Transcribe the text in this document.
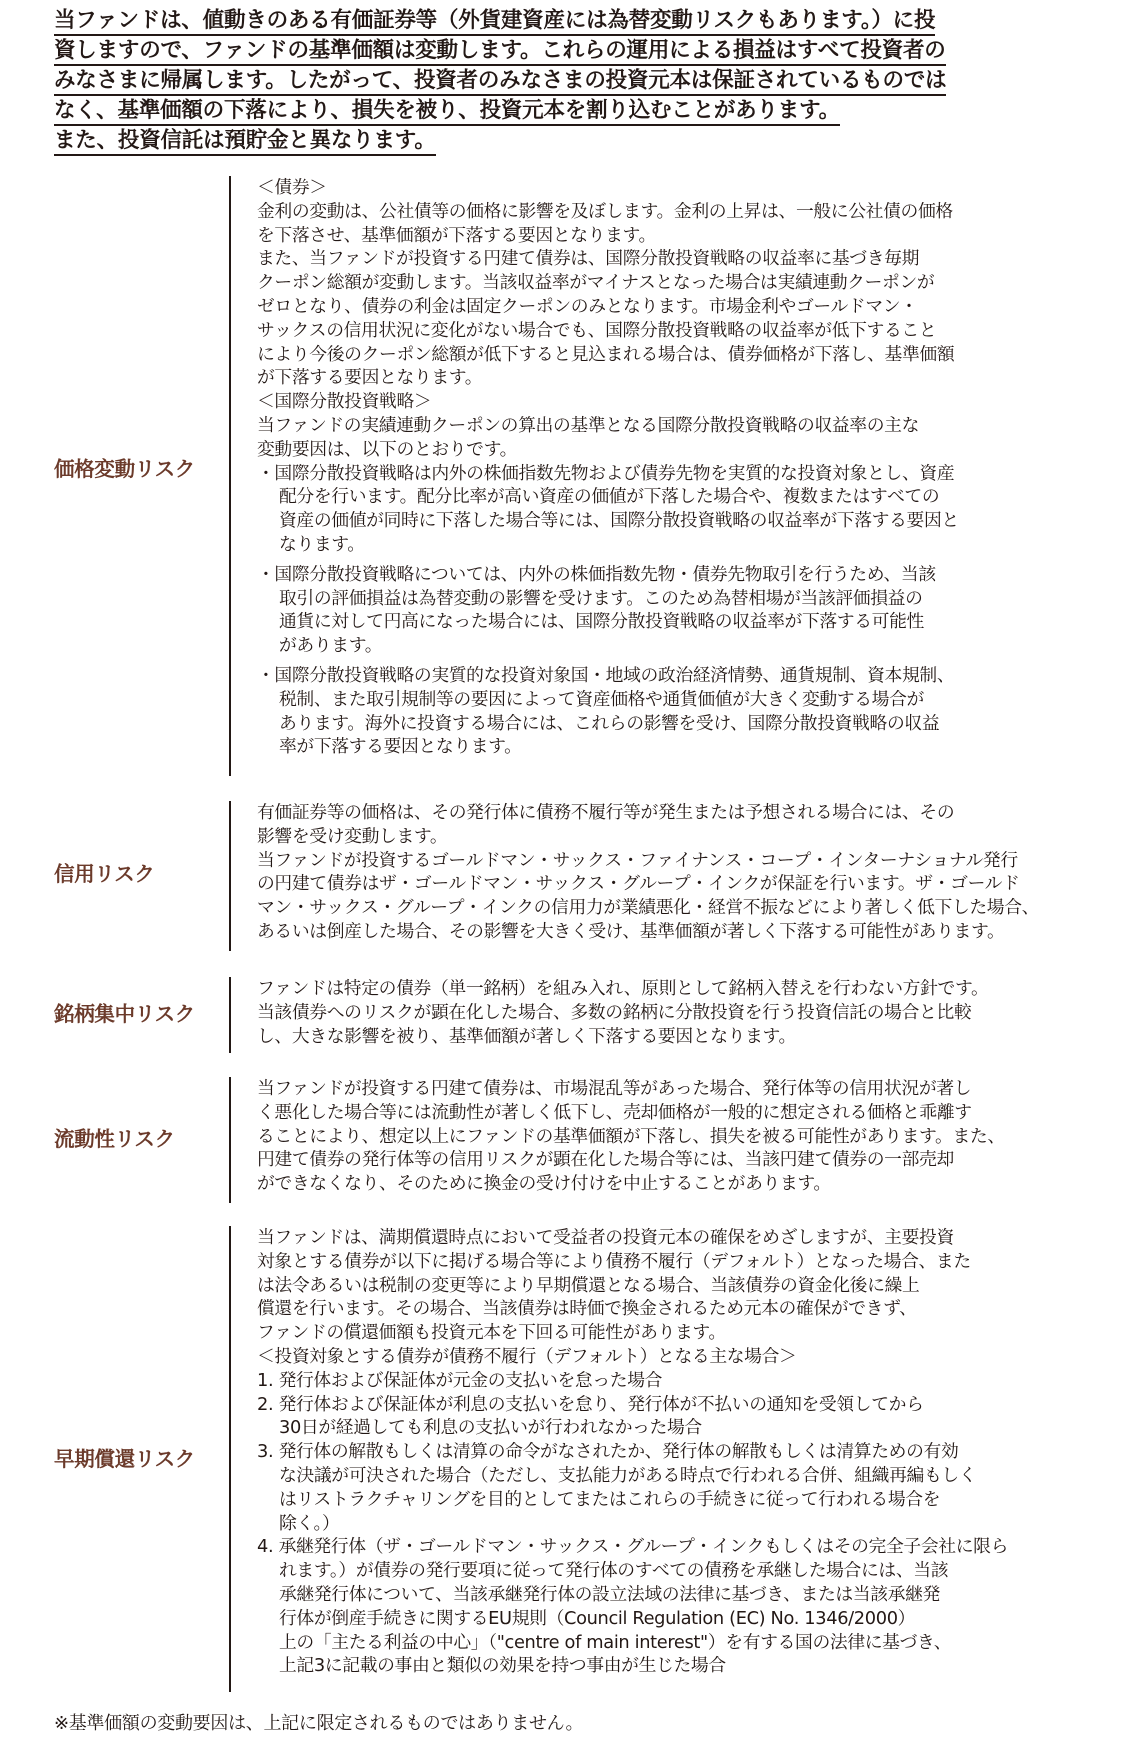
当ファンドは、値動きのある有価証券等（外貨建資産には為替変動リスクもあります。）に投
資しますので、ファンドの基準価額は変動します。これらの運用による損益はすべて投資者の
みなさまに帰属します。したがって、投資者のみなさまの投資元本は保証されているものでは
なく、基準価額の下落により、損失を被り、投資元本を割り込むことがあります。
また、投資信託は預貯金と異なります。
価格変動リスク
＜債券＞
金利の変動は、公社債等の価格に影響を及ぼします。金利の上昇は、一般に公社債の価格
を下落させ、基準価額が下落する要因となります。
また、当ファンドが投資する円建て債券は、国際分散投資戦略の収益率に基づき毎期
クーポン総額が変動します。当該収益率がマイナスとなった場合は実績連動クーポンが
ゼロとなり、債券の利金は固定クーポンのみとなります。市場金利やゴールドマン・
サックスの信用状況に変化がない場合でも、国際分散投資戦略の収益率が低下すること
により今後のクーポン総額が低下すると見込まれる場合は、債券価格が下落し、基準価額
が下落する要因となります。
＜国際分散投資戦略＞
当ファンドの実績連動クーポンの算出の基準となる国際分散投資戦略の収益率の主な
変動要因は、以下のとおりです。
・国際分散投資戦略は内外の株価指数先物および債券先物を実質的な投資対象とし、資産
配分を行います。配分比率が高い資産の価値が下落した場合や、複数またはすべての
資産の価値が同時に下落した場合等には、国際分散投資戦略の収益率が下落する要因と
なります。
・国際分散投資戦略については、内外の株価指数先物・債券先物取引を行うため、当該
取引の評価損益は為替変動の影響を受けます。このため為替相場が当該評価損益の
通貨に対して円高になった場合には、国際分散投資戦略の収益率が下落する可能性
があります。
・国際分散投資戦略の実質的な投資対象国・地域の政治経済情勢、通貨規制、資本規制、
税制、また取引規制等の要因によって資産価格や通貨価値が大きく変動する場合が
あります。海外に投資する場合には、これらの影響を受け、国際分散投資戦略の収益
率が下落する要因となります。
信用リスク
有価証券等の価格は、その発行体に債務不履行等が発生または予想される場合には、その
影響を受け変動します。
当ファンドが投資するゴールドマン・サックス・ファイナンス・コープ・インターナショナル発行
の円建て債券はザ・ゴールドマン・サックス・グループ・インクが保証を行います。ザ・ゴールド
マン・サックス・グループ・インクの信用力が業績悪化・経営不振などにより著しく低下した場合、
あるいは倒産した場合、その影響を大きく受け、基準価額が著しく下落する可能性があります。
銘柄集中リスク
ファンドは特定の債券（単一銘柄）を組み入れ、原則として銘柄入替えを行わない方針です。
当該債券へのリスクが顕在化した場合、多数の銘柄に分散投資を行う投資信託の場合と比較
し、大きな影響を被り、基準価額が著しく下落する要因となります。
流動性リスク
当ファンドが投資する円建て債券は、市場混乱等があった場合、発行体等の信用状況が著し
く悪化した場合等には流動性が著しく低下し、売却価格が一般的に想定される価格と乖離す
ることにより、想定以上にファンドの基準価額が下落し、損失を被る可能性があります。また、
円建て債券の発行体等の信用リスクが顕在化した場合等には、当該円建て債券の一部売却
ができなくなり、そのために換金の受け付けを中止することがあります。
早期償還リスク
当ファンドは、満期償還時点において受益者の投資元本の確保をめざしますが、主要投資
対象とする債券が以下に掲げる場合等により債務不履行（デフォルト）となった場合、また
は法令あるいは税制の変更等により早期償還となる場合、当該債券の資金化後に繰上
償還を行います。その場合、当該債券は時価で換金されるため元本の確保ができず、
ファンドの償還価額も投資元本を下回る可能性があります。
＜投資対象とする債券が債務不履行（デフォルト）となる主な場合＞
1. 発行体および保証体が元金の支払いを怠った場合
2. 発行体および保証体が利息の支払いを怠り、発行体が不払いの通知を受領してから
30日が経過しても利息の支払いが行われなかった場合
3. 発行体の解散もしくは清算の命令がなされたか、発行体の解散もしくは清算ための有効
な決議が可決された場合（ただし、支払能力がある時点で行われる合併、組織再編もしく
はリストラクチャリングを目的としてまたはこれらの手続きに従って行われる場合を
除く。）
4. 承継発行体（ザ・ゴールドマン・サックス・グループ・インクもしくはその完全子会社に限ら
れます。）が債券の発行要項に従って発行体のすべての債務を承継した場合には、当該
承継発行体について、当該承継発行体の設立法域の法律に基づき、または当該承継発
行体が倒産手続きに関するEU規則（Council Regulation (EC) No. 1346/2000）
上の「主たる利益の中心」（"centre of main interest"）を有する国の法律に基づき、
上記3に記載の事由と類似の効果を持つ事由が生じた場合
※基準価額の変動要因は、上記に限定されるものではありません。
